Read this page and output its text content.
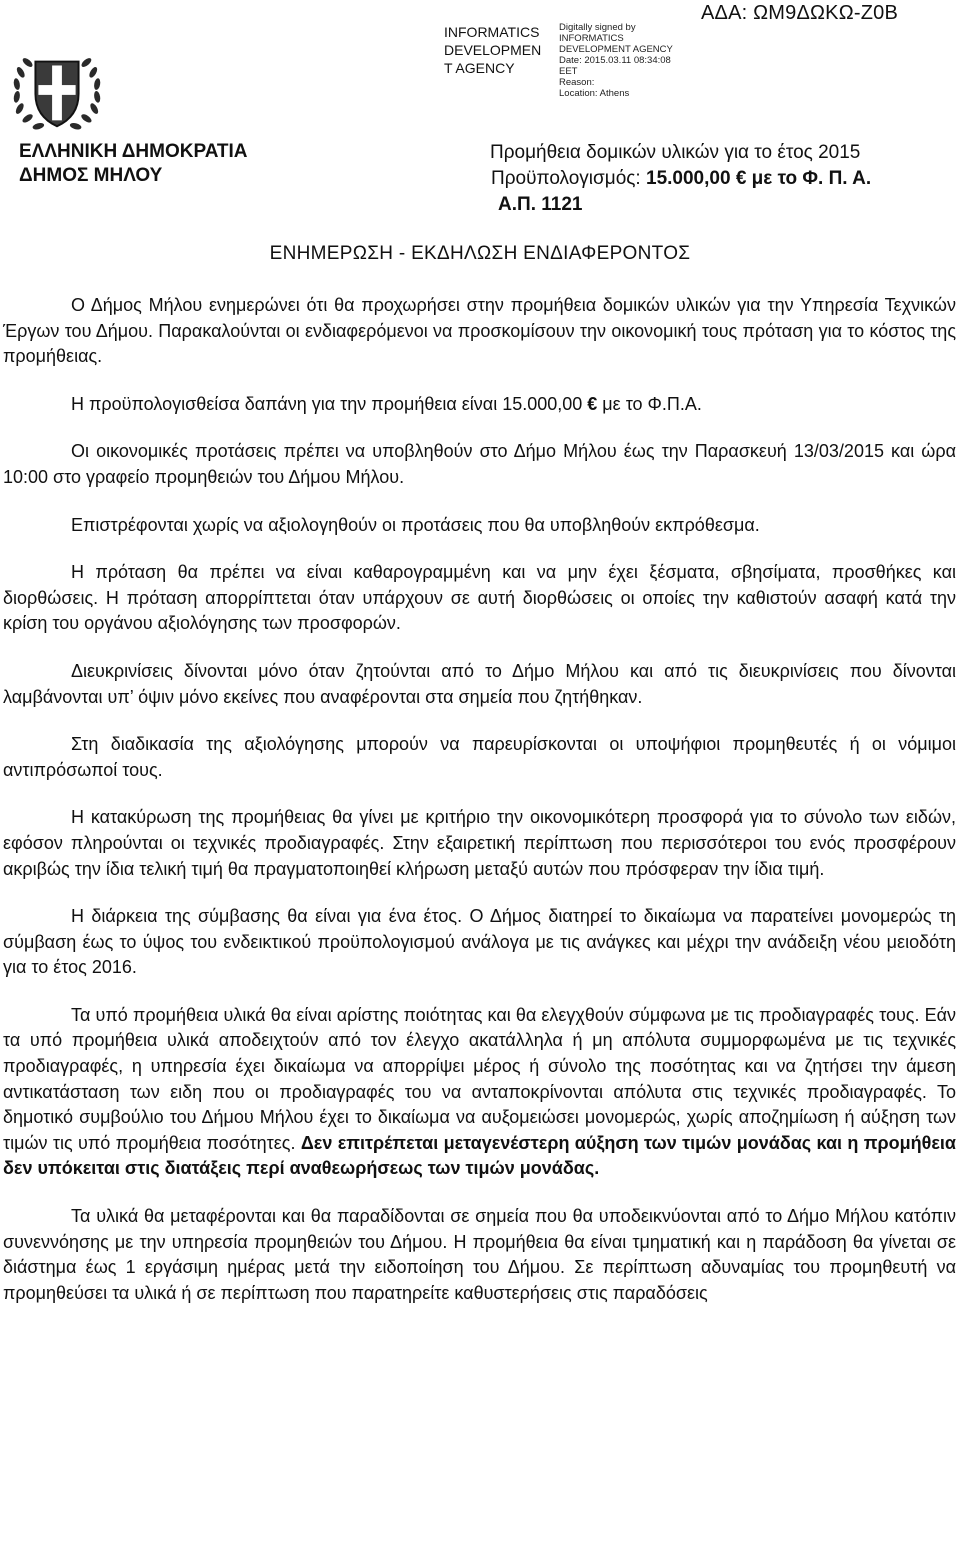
ΑΔΑ: ΩΜ9ΔΩΚΩ-Ζ0Β
INFORMATICS
DEVELOPMEN
T AGENCY
Digitally signed by
INFORMATICS
DEVELOPMENT AGENCY
Date: 2015.03.11 08:34:08
EET
Reason:
Location: Athens
ΕΛΛΗΝΙΚΗ ΔΗΜΟΚΡΑΤΙΑ
ΔΗΜΟΣ ΜΗΛΟΥ
Προμήθεια δομικών υλικών για το έτος 2015
Προϋπολογισμός: 15.000,00 € με το Φ. Π. Α.
Α.Π. 1121
ΕΝΗΜΕΡΩΣΗ - ΕΚΔΗΛΩΣΗ ΕΝΔΙΑΦΕΡΟΝΤΟΣ

Ο Δήμος Μήλου ενημερώνει ότι θα προχωρήσει στην προμήθεια δομικών υλικών για την Υπηρεσία Τεχνικών Έργων του Δήμου. Παρακαλούνται οι ενδιαφερόμενοι να προσκομίσουν την οικονομική τους πρόταση για το κόστος της προμήθειας.

Η προϋπολογισθείσα δαπάνη για την προμήθεια είναι 15.000,00 € με το Φ.Π.Α.

Οι οικονομικές προτάσεις πρέπει να υποβληθούν στο Δήμο Μήλου έως την Παρασκευή 13/03/2015 και ώρα 10:00 στο γραφείο προμηθειών του Δήμου Μήλου.

Επιστρέφονται χωρίς να αξιολογηθούν οι προτάσεις που θα υποβληθούν εκπρόθεσμα.

Η πρόταση θα πρέπει να είναι καθαρογραμμένη και να μην έχει ξέσματα, σβησίματα, προσθήκες και διορθώσεις. Η πρόταση απορρίπτεται όταν υπάρχουν σε αυτή διορθώσεις οι οποίες την καθιστούν ασαφή κατά την κρίση του οργάνου αξιολόγησης των προσφορών.

Διευκρινίσεις δίνονται μόνο όταν ζητούνται από το Δήμο Μήλου και από τις διευκρινίσεις που δίνονται λαμβάνονται υπ’ όψιν μόνο εκείνες που αναφέρονται στα σημεία που ζητήθηκαν.

Στη διαδικασία της αξιολόγησης μπορούν να παρευρίσκονται οι υποψήφιοι προμηθευτές ή οι νόμιμοι αντιπρόσωποί τους.

Η κατακύρωση της προμήθειας θα γίνει με κριτήριο την οικονομικότερη προσφορά για το σύνολο των ειδών, εφόσον πληρούνται οι τεχνικές προδιαγραφές. Στην εξαιρετική περίπτωση που περισσότεροι του ενός προσφέρουν ακριβώς την ίδια τελική τιμή θα πραγματοποιηθεί κλήρωση μεταξύ αυτών που πρόσφεραν την ίδια τιμή.

Η διάρκεια της σύμβασης θα είναι για ένα έτος. Ο Δήμος διατηρεί το δικαίωμα να παρατείνει μονομερώς τη σύμβαση έως το ύψος του ενδεικτικού προϋπολογισμού ανάλογα με τις ανάγκες και μέχρι την ανάδειξη νέου μειοδότη για το έτος 2016.

Τα υπό προμήθεια υλικά θα είναι αρίστης ποιότητας και θα ελεγχθούν σύμφωνα με τις προδιαγραφές τους. Εάν τα υπό προμήθεια υλικά αποδειχτούν από τον έλεγχο ακατάλληλα ή μη απόλυτα συμμορφωμένα με τις τεχνικές προδιαγραφές, η υπηρεσία έχει δικαίωμα να απορρίψει μέρος ή σύνολο της ποσότητας και να ζητήσει την άμεση αντικατάσταση των ειδη που οι προδιαγραφές του να ανταποκρίνονται απόλυτα στις τεχνικές προδιαγραφές. Το δημοτικό συμβούλιο του Δήμου Μήλου έχει το δικαίωμα να αυξομειώσει μονομερώς, χωρίς αποζημίωση ή αύξηση των τιμών τις υπό προμήθεια ποσότητες. Δεν επιτρέπεται μεταγενέστερη αύξηση των τιμών μονάδας και η προμήθεια δεν υπόκειται στις διατάξεις περί αναθεωρήσεως των τιμών μονάδας.

Τα υλικά θα μεταφέρονται και θα παραδίδονται σε σημεία που θα υποδεικνύονται από το Δήμο Μήλου κατόπιν συνεννόησης με την υπηρεσία προμηθειών του Δήμου. Η προμήθεια θα είναι τμηματική και η παράδοση θα γίνεται σε διάστημα έως 1 εργάσιμη ημέρας μετά την ειδοποίηση του Δήμου. Σε περίπτωση αδυναμίας του προμηθευτή να προμηθεύσει τα υλικά ή σε περίπτωση που παρατηρείτε καθυστερήσεις στις παραδόσεις
